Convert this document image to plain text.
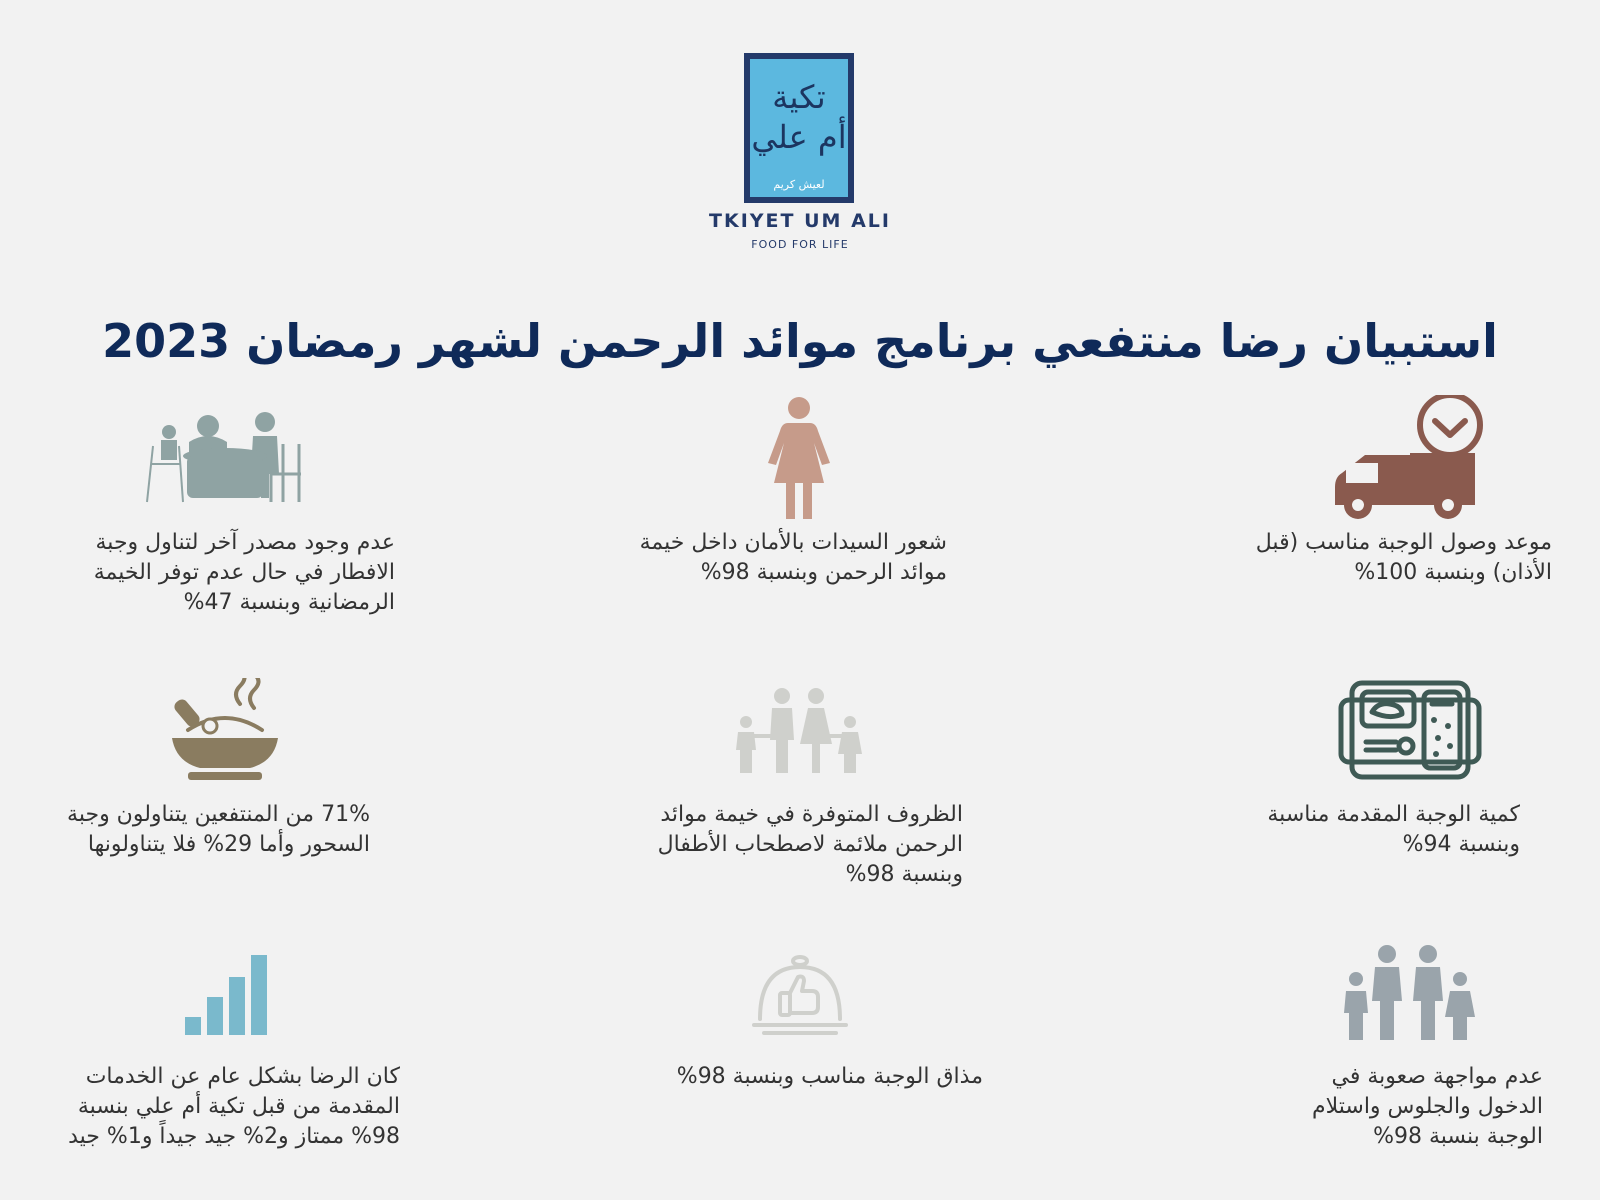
تكية
أم علي
لعيش كريم
TKIYET UM ALI
FOOD FOR LIFE
استبيان رضا منتفعي برنامج موائد الرحمن لشهر رمضان 2023
موعد وصول الوجبة مناسب (قبل الأذان) وبنسبة 100%
شعور السيدات بالأمان داخل خيمة موائد الرحمن وبنسبة 98%
عدم وجود مصدر آخر لتناول وجبة الافطار في حال عدم توفر الخيمة الرمضانية وبنسبة 47%
كمية الوجبة المقدمة مناسبة وبنسبة 94%
الظروف المتوفرة في خيمة موائد الرحمن ملائمة لاصطحاب الأطفال وبنسبة 98%
71% من المنتفعين يتناولون وجبة السحور وأما 29% فلا يتناولونها
عدم مواجهة صعوبة في الدخول والجلوس واستلام الوجبة بنسبة 98%
مذاق الوجبة مناسب وبنسبة 98%
كان الرضا بشكل عام عن الخدمات المقدمة من قبل تكية أم علي بنسبة 98% ممتاز و2% جيد جيداً و1% جيد
